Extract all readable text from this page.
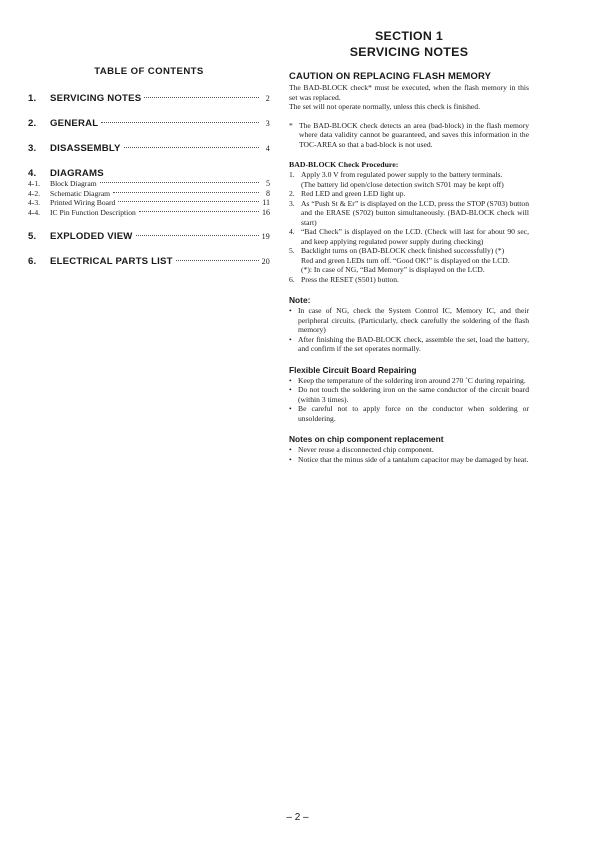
TABLE OF CONTENTS
1.	SERVICING NOTES	2
2.	GENERAL	3
3.	DISASSEMBLY	4
4.	DIAGRAMS
4-1.	Block Diagram	5
4-2.	Schematic Diagram	8
4-3.	Printed Wiring Board	11
4-4.	IC Pin Function Description	16
5.	EXPLODED VIEW	19
6.	ELECTRICAL PARTS LIST	20
SECTION 1
SERVICING NOTES
CAUTION ON REPLACING FLASH MEMORY

The BAD-BLOCK check* must be executed, when the flash memory in this set was replaced.

The set will not operate normally, unless this check is finished.

* The BAD-BLOCK check detects an area (bad-block) in the flash memory where data validity cannot be guaranteed, and saves this information in the TOC-AREA so that a bad-block is not used.

BAD-BLOCK Check Procedure:
1. Apply 3.0 V from regulated power supply to the battery terminals.
(The battery lid open/close detection switch S701 may be kept off)
2. Red LED and green LED light up.
3. As “Push St & Er” is displayed on the LCD, press the STOP (S703) button and the ERASE (S702) button simultaneously. (BAD-BLOCK check will start)
4. “Bad Check” is displayed on the LCD. (Check will last for about 90 sec, and keep applying regulated power supply during checking)
5. Backlight turns on (BAD-BLOCK check finished successfully) (*)
Red and green LEDs turn off. “Good OK!” is displayed on the LCD.
(*): In case of NG, “Bad Memory” is displayed on the LCD.
6. Press the RESET (S501) button.
Note:
• In case of NG, check the System Control IC, Memory IC, and their peripheral circuits. (Particularly, check carefully the soldering of the flash memory)
• After finishing the BAD-BLOCK check, assemble the set, load the battery, and confirm if the set operates normally.
Flexible Circuit Board Repairing
• Keep the temperature of the soldering iron around 270 ˚C during repairing.
• Do not touch the soldering iron on the same conductor of the circuit board (within 3 times).
• Be careful not to apply force on the conductor when soldering or unsoldering.
Notes on chip component replacement
• Never reuse a disconnected chip component.
• Notice that the minus side of a tantalum capacitor may be damaged by heat.
– 2 –
